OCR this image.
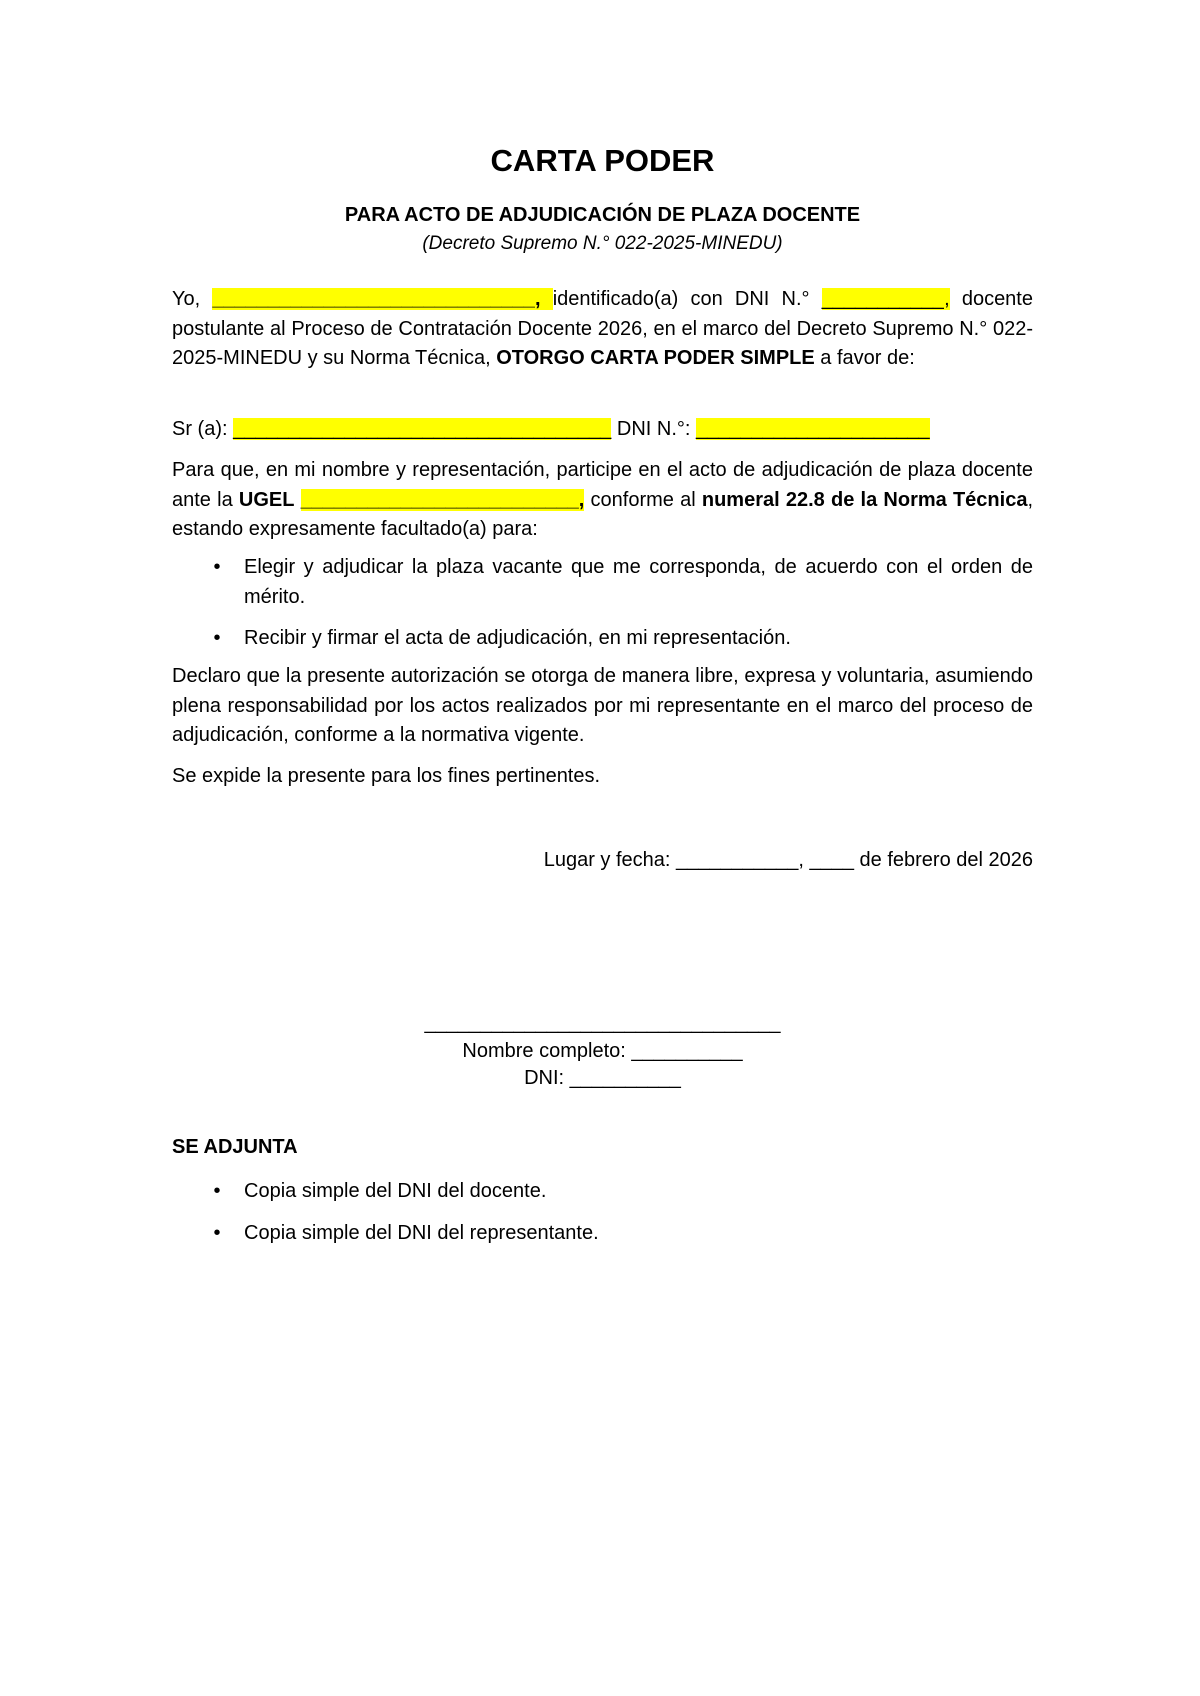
CARTA PODER

PARA ACTO DE ADJUDICACIÓN DE PLAZA DOCENTE

(Decreto Supremo N.° 022-2025-MINEDU)

Yo, _____________________________, identificado(a) con DNI N.° ___________, docente postulante al Proceso de Contratación Docente 2026, en el marco del Decreto Supremo N.° 022-2025-MINEDU y su Norma Técnica, OTORGO CARTA PODER SIMPLE a favor de:

Sr (a): __________________________________ DNI N.°: _____________________

Para que, en mi nombre y representación, participe en el acto de adjudicación de plaza docente ante la UGEL _________________________, conforme al numeral 22.8 de la Norma Técnica, estando expresamente facultado(a) para:

•	Elegir y adjudicar la plaza vacante que me corresponda, de acuerdo con el orden de mérito.
•	Recibir y firmar el acta de adjudicación, en mi representación.

Declaro que la presente autorización se otorga de manera libre, expresa y voluntaria, asumiendo plena responsabilidad por los actos realizados por mi representante en el marco del proceso de adjudicación, conforme a la normativa vigente.

Se expide la presente para los fines pertinentes.

Lugar y fecha: ___________, ____ de febrero del 2026

________________________________

Nombre completo: __________

DNI: __________

SE ADJUNTA

•	Copia simple del DNI del docente.
•	Copia simple del DNI del representante.
